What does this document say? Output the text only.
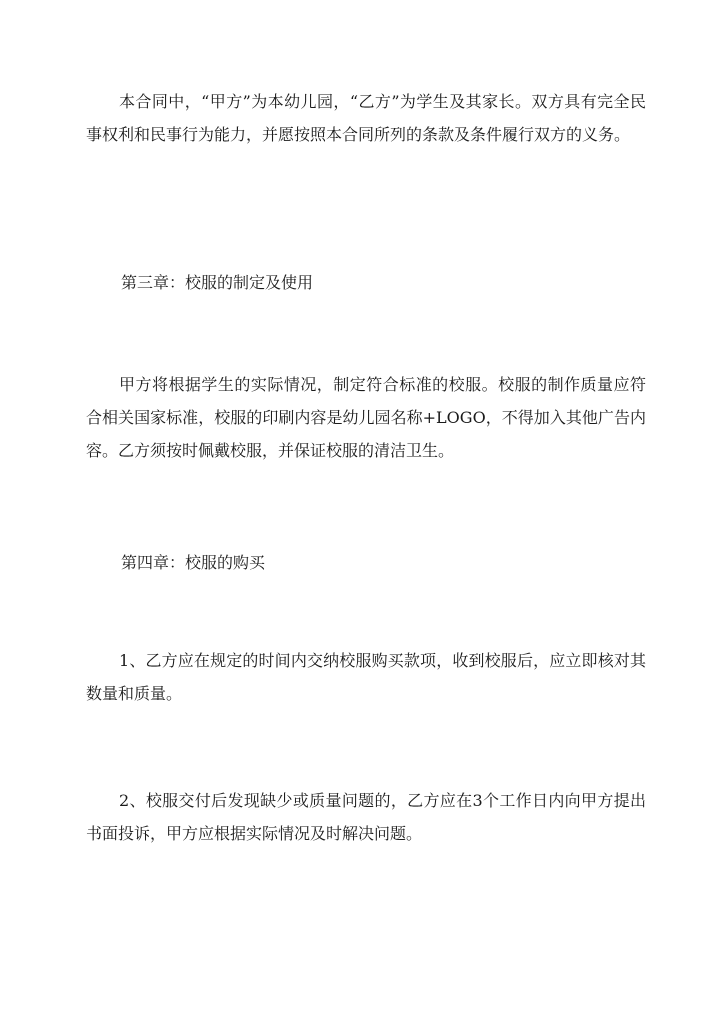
本合同中，“甲方”为本幼儿园，“乙方”为学生及其家长。双方具有完全民事权利和民事行为能力，并愿按照本合同所列的条款及条件履行双方的义务。

第三章：校服的制定及使用

甲方将根据学生的实际情况，制定符合标准的校服。校服的制作质量应符合相关国家标准，校服的印刷内容是幼儿园名称+LOGO，不得加入其他广告内容。乙方须按时佩戴校服，并保证校服的清洁卫生。

第四章：校服的购买

1、乙方应在规定的时间内交纳校服购买款项，收到校服后，应立即核对其数量和质量。

2、校服交付后发现缺少或质量问题的，乙方应在3个工作日内向甲方提出书面投诉，甲方应根据实际情况及时解决问题。
